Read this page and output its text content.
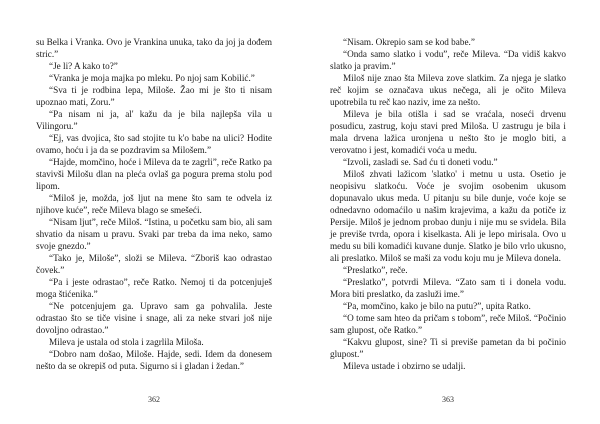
su Belka i Vranka. Ovo je Vrankina unuka, tako da joj ja dođem stric.”

“Je li? A kako to?”

“Vranka je moja majka po mleku. Po njoj sam Kobilić.”

“Sva ti je rodbina lepa, Miloše. Žao mi je što ti nisam upoznao mati, Zoru.”

“Pa nisam ni ja, al' kažu da je bila najlepša vila u Vilingoru.”

“Ej, vas dvojica, što sad stojite tu k'o babe na ulici? Hodite ovamo, hoću i ja da se pozdravim sa Milošem.”

“Hajde, momčino, hoće i Mileva da te zagrli”, reče Ratko pa stavivši Milošu dlan na pleća ovlaš ga pogura prema stolu pod lipom.

“Miloš je, možda, još ljut na mene što sam te odvela iz njihove kuće”, reče Mileva blago se smešeći.

“Nisam ljut”, reče Miloš. “Istina, u početku sam bio, ali sam shvatio da nisam u pravu. Svaki par treba da ima neko, samo svoje gnezdo.”

“Tako je, Miloše”, složi se Mileva. “Zboriš kao odrastao čovek.”

“Pa i jeste odrastao”, reče Ratko. Nemoj ti da potcenjuješ moga štićenika.”

“Ne potcenjujem ga. Upravo sam ga pohvalila. Jeste odrastao što se tiče visine i snage, ali za neke stvari još nije dovoljno odrastao.”

Mileva je ustala od stola i zagrlila Miloša.

“Dobro nam došao, Miloše. Hajde, sedi. Idem da donesem nešto da se okrepiš od puta. Sigurno si i gladan i žedan.”

362

“Nisam. Okrepio sam se kod babe.”

“Onda samo slatko i vodu”, reče Mileva. “Da vidiš kakvo slatko ja pravim.”

Miloš nije znao šta Mileva zove slatkim. Za njega je slatko reč kojim se označava ukus nečega, ali je očito Mileva upotrebila tu reč kao naziv, ime za nešto.

Mileva je bila otišla i sad se vraćala, noseći drvenu posudicu, zastrug, koju stavi pred Miloša. U zastrugu je bila i mala drvena lažica uronjena u nešto što je moglo biti, a verovatno i jest, komadići voća u medu.

“Izvoli, zasladi se. Sad ću ti doneti vodu.”

Miloš zhvati lažicom 'slatko' i metnu u usta. Osetio je neopisivu slatkoću. Voće je svojim osobenim ukusom dopunavalo ukus meda. U pitanju su bile dunje, voće koje se odnedavno odomaćilo u našim krajevima, a kažu da potiče iz Persije. Miloš je jednom probao dunju i nije mu se svidela. Bila je previše tvrda, opora i kiselkasta. Ali je lepo mirisala. Ovo u medu su bili komadići kuvane dunje. Slatko je bilo vrlo ukusno, ali preslatko. Miloš se maši za vodu koju mu je Mileva donela.

“Preslatko”, reče.

“Preslatko”, potvrdi Mileva. “Zato sam ti i donela vodu. Mora biti preslatko, da zasluži ime.”

“Pa, momčino, kako je bilo na putu?”, upita Ratko.

“O tome sam hteo da pričam s tobom”, reče Miloš. “Počinio sam glupost, oče Ratko.”

“Kakvu glupost, sine? Ti si previše pametan da bi počinio glupost.”

Mileva ustade i obzirno se udalji.

363
